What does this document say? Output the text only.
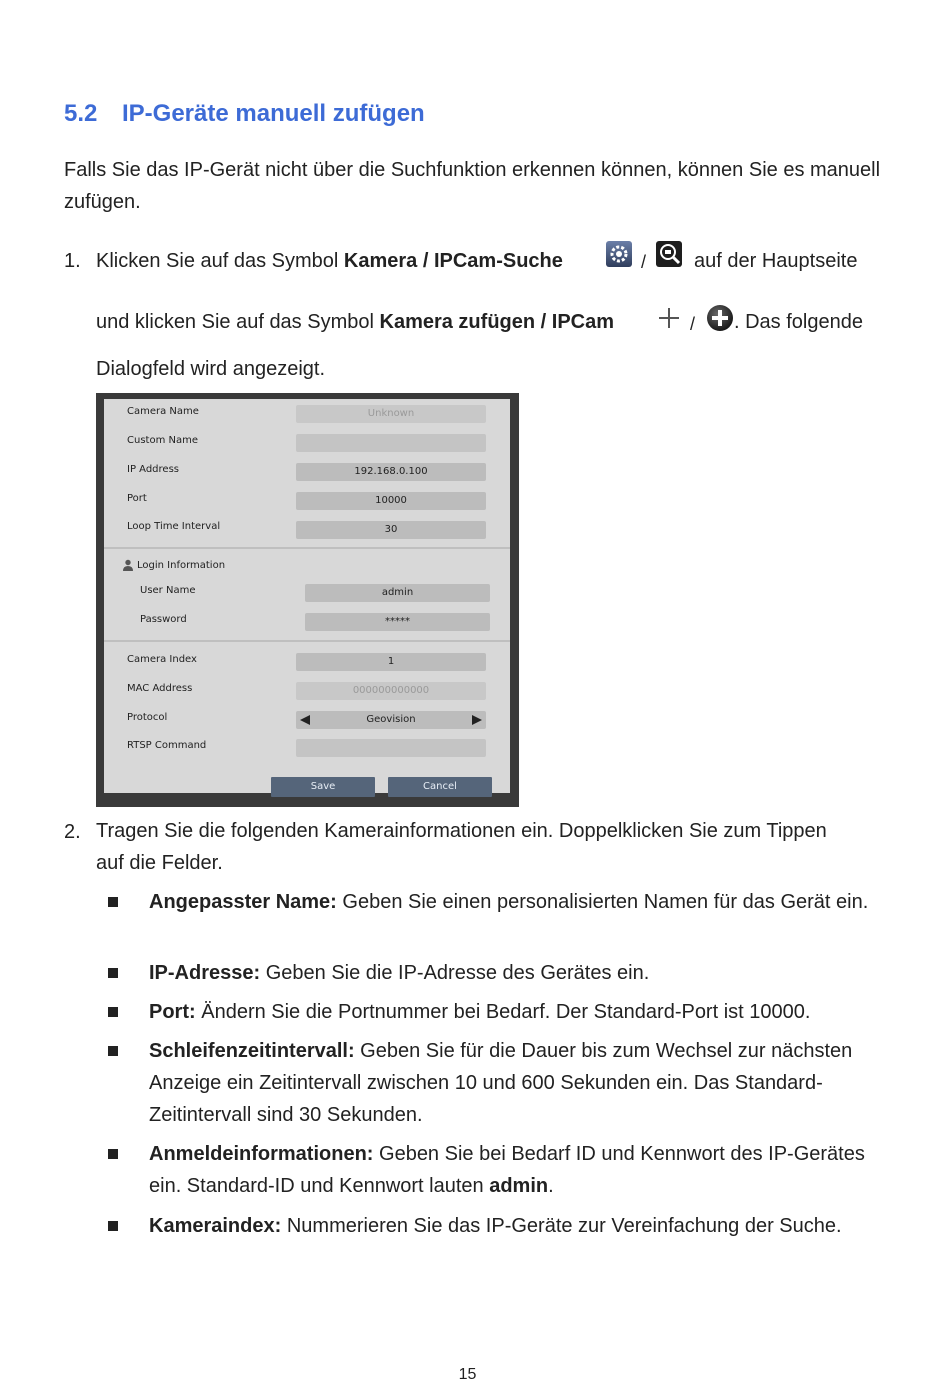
5.2 IP-Geräte manuell zufügen
Falls Sie das IP-Gerät nicht über die Suchfunktion erkennen können, können Sie es manuell zufügen.
1. Klicken Sie auf das Symbol Kamera / IPCam-Suche	/ auf der Hauptseite
und klicken Sie auf das Symbol Kamera zufügen / IPCam	/ . Das folgende
Dialogfeld wird angezeigt.
Camera Name	Unknown
Custom Name
IP Address	192.168.0.100
Port	10000
Loop Time Interval	30
Login Information
User Name	admin
Password	*****
Camera Index	1
MAC Address	000000000000
Protocol	Geovision
RTSP Command
Save	Cancel
2. Tragen Sie die folgenden Kamerainformationen ein. Doppelklicken Sie zum Tippen auf die Felder.
Angepasster Name: Geben Sie einen personalisierten Namen für das Gerät ein.
IP-Adresse: Geben Sie die IP-Adresse des Gerätes ein.
Port: Ändern Sie die Portnummer bei Bedarf. Der Standard-Port ist 10000.
Schleifenzeitintervall: Geben Sie für die Dauer bis zum Wechsel zur nächsten Anzeige ein Zeitintervall zwischen 10 und 600 Sekunden ein. Das Standard-Zeitintervall sind 30 Sekunden.
Anmeldeinformationen: Geben Sie bei Bedarf ID und Kennwort des IP-Gerätes ein. Standard-ID und Kennwort lauten admin.
Kameraindex: Nummerieren Sie das IP-Geräte zur Vereinfachung der Suche.
15
